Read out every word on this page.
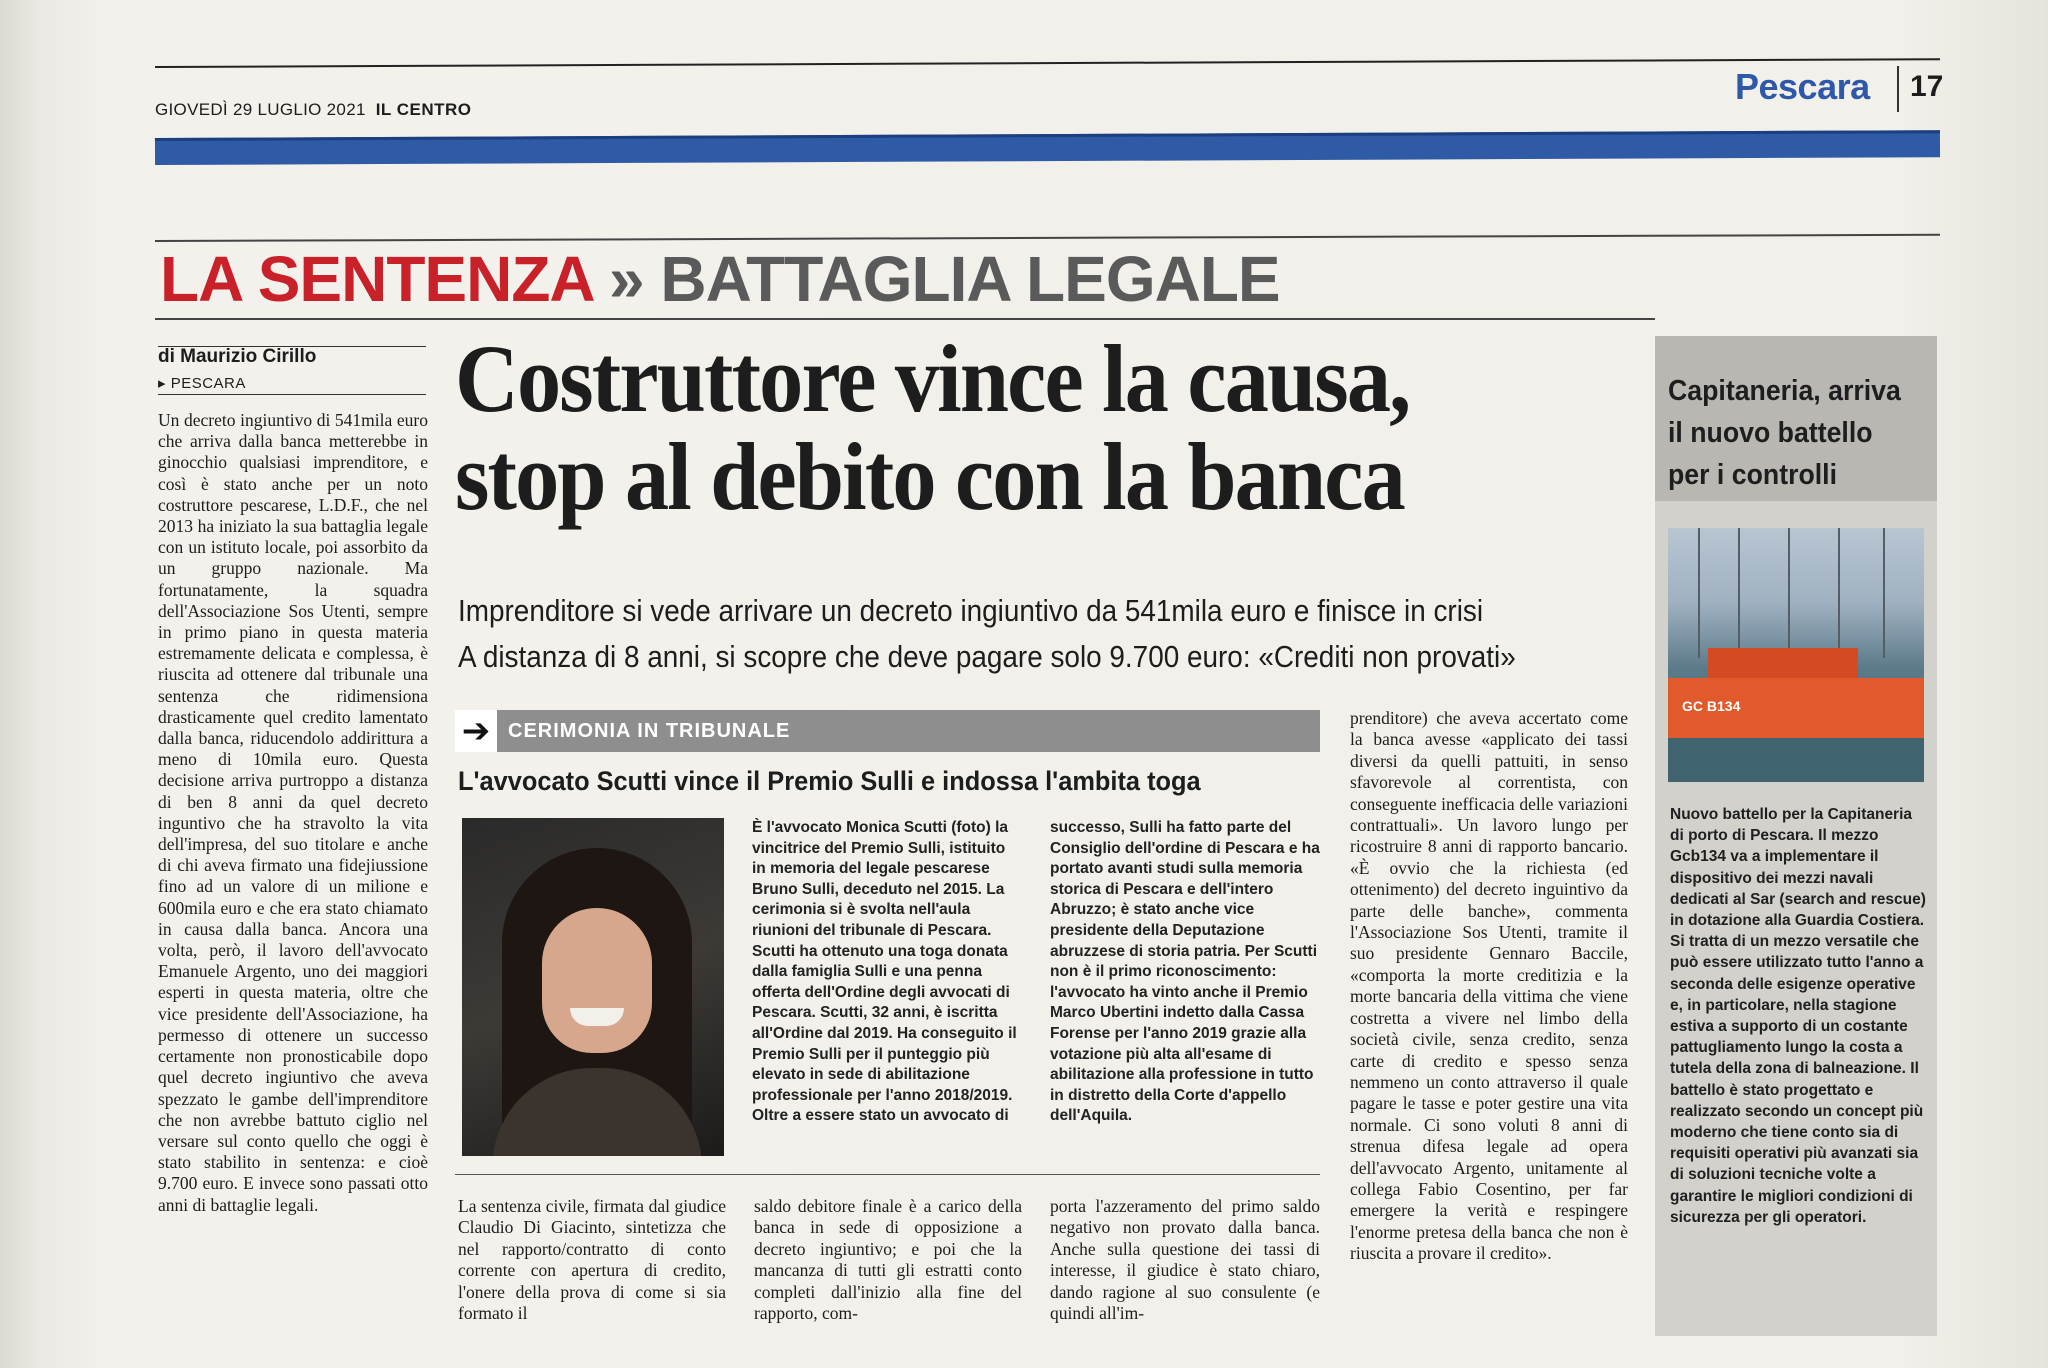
GIOVEDÌ 29 LUGLIO 2021 IL CENTRO
Pescara 17
LA SENTENZA » BATTAGLIA LEGALE
di Maurizio Cirillo
▸ PESCARA
Un decreto ingiuntivo di 541mila euro che arriva dalla banca metterebbe in ginocchio qualsiasi imprenditore, e così è stato anche per un noto costruttore pescarese, L.D.F., che nel 2013 ha iniziato la sua battaglia legale con un istituto locale, poi assorbito da un gruppo nazionale. Ma fortunatamente, la squadra dell'Associazione Sos Utenti, sempre in primo piano in questa materia estremamente delicata e complessa, è riuscita ad ottenere dal tribunale una sentenza che ridimensiona drasticamente quel credito lamentato dalla banca, riducendolo addirittura a meno di 10mila euro. Questa decisione arriva purtroppo a distanza di ben 8 anni da quel decreto inguntivo che ha stravolto la vita dell'impresa, del suo titolare e anche di chi aveva firmato una fidejiussione fino ad un valore di un milione e 600mila euro e che era stato chiamato in causa dalla banca. Ancora una volta, però, il lavoro dell'avvocato Emanuele Argento, uno dei maggiori esperti in questa materia, oltre che vice presidente dell'Associazione, ha permesso di ottenere un successo certamente non pronosticabile dopo quel decreto ingiuntivo che aveva spezzato le gambe dell'imprenditore che non avrebbe battuto ciglio nel versare sul conto quello che oggi è stato stabilito in sentenza: e cioè 9.700 euro. E invece sono passati otto anni di battaglie legali.
Costruttore vince la causa,
stop al debito con la banca
Imprenditore si vede arrivare un decreto ingiuntivo da 541mila euro e finisce in crisi
A distanza di 8 anni, si scopre che deve pagare solo 9.700 euro: «Crediti non provati»
➔ CERIMONIA IN TRIBUNALE
L'avvocato Scutti vince il Premio Sulli e indossa l'ambita toga
È l'avvocato Monica Scutti (foto) la vincitrice del Premio Sulli, istituito in memoria del legale pescarese Bruno Sulli, deceduto nel 2015. La cerimonia si è svolta nell'aula riunioni del tribunale di Pescara. Scutti ha ottenuto una toga donata dalla famiglia Sulli e una penna offerta dell'Ordine degli avvocati di Pescara. Scutti, 32 anni, è iscritta all'Ordine dal 2019. Ha conseguito il Premio Sulli per il punteggio più elevato in sede di abilitazione professionale per l'anno 2018/2019. Oltre a essere stato un avvocato di
successo, Sulli ha fatto parte del Consiglio dell'ordine di Pescara e ha portato avanti studi sulla memoria storica di Pescara e dell'intero Abruzzo; è stato anche vice presidente della Deputazione abruzzese di storia patria. Per Scutti non è il primo riconoscimento: l'avvocato ha vinto anche il Premio Marco Ubertini indetto dalla Cassa Forense per l'anno 2019 grazie alla votazione più alta all'esame di abilitazione alla professione in tutto in distretto della Corte d'appello dell'Aquila.
La sentenza civile, firmata dal giudice Claudio Di Giacinto, sintetizza che nel rapporto/contratto di conto corrente con apertura di credito, l'onere della prova di come si sia formato il
saldo debitore finale è a carico della banca in sede di opposizione a decreto ingiuntivo; e poi che la mancanza di tutti gli estratti conto completi dall'inizio alla fine del rapporto, com-
porta l'azzeramento del primo saldo negativo non provato dalla banca. Anche sulla questione dei tassi di interesse, il giudice è stato chiaro, dando ragione al suo consulente (e quindi all'im-
prenditore) che aveva accertato come la banca avesse «applicato dei tassi diversi da quelli pattuiti, in senso sfavorevole al correntista, con conseguente inefficacia delle variazioni contrattuali». Un lavoro lungo per ricostruire 8 anni di rapporto bancario. «È ovvio che la richiesta (ed ottenimento) del decreto inguintivo da parte delle banche», commenta l'Associazione Sos Utenti, tramite il suo presidente Gennaro Baccile, «comporta la morte creditizia e la morte bancaria della vittima che viene costretta a vivere nel limbo della società civile, senza credito, senza carte di credito e spesso senza nemmeno un conto attraverso il quale pagare le tasse e poter gestire una vita normale. Ci sono voluti 8 anni di strenua difesa legale ad opera dell'avvocato Argento, unitamente al collega Fabio Cosentino, per far emergere la verità e respingere l'enorme pretesa della banca che non è riuscita a provare il credito».
Capitaneria, arriva
il nuovo battello
per i controlli
GC B134
Nuovo battello per la Capitaneria di porto di Pescara. Il mezzo Gcb134 va a implementare il dispositivo dei mezzi navali dedicati al Sar (search and rescue) in dotazione alla Guardia Costiera. Si tratta di un mezzo versatile che può essere utilizzato tutto l'anno a seconda delle esigenze operative e, in particolare, nella stagione estiva a supporto di un costante pattugliamento lungo la costa a tutela della zona di balneazione. Il battello è stato progettato e realizzato secondo un concept più moderno che tiene conto sia di requisiti operativi più avanzati sia di soluzioni tecniche volte a garantire le migliori condizioni di sicurezza per gli operatori.
